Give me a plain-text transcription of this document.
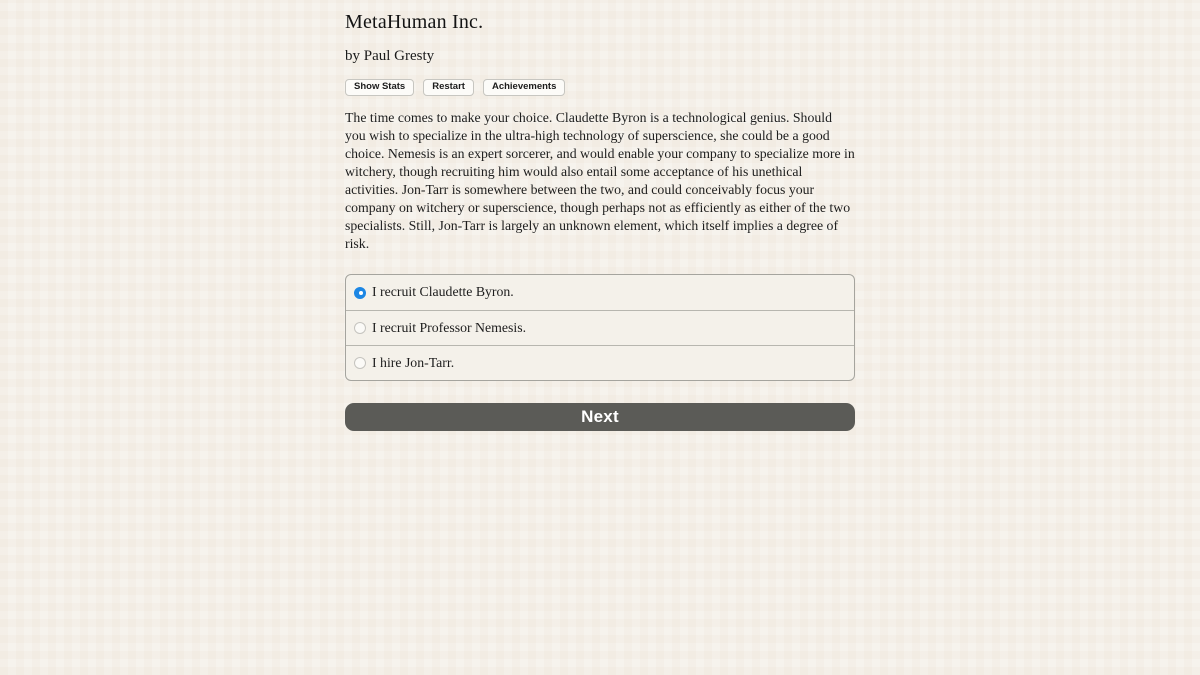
MetaHuman Inc.
by Paul Gresty
Show Stats	Restart	Achievements

The time comes to make your choice. Claudette Byron is a technological genius. Should you wish to specialize in the ultra-high technology of superscience, she could be a good choice. Nemesis is an expert sorcerer, and would enable your company to specialize more in witchery, though recruiting him would also entail some acceptance of his unethical activities. Jon-Tarr is somewhere between the two, and could conceivably focus your company on witchery or superscience, though perhaps not as efficiently as either of the two specialists. Still, Jon-Tarr is largely an unknown element, which itself implies a degree of risk.

I recruit Claudette Byron.
I recruit Professor Nemesis.
I hire Jon-Tarr.
Next
